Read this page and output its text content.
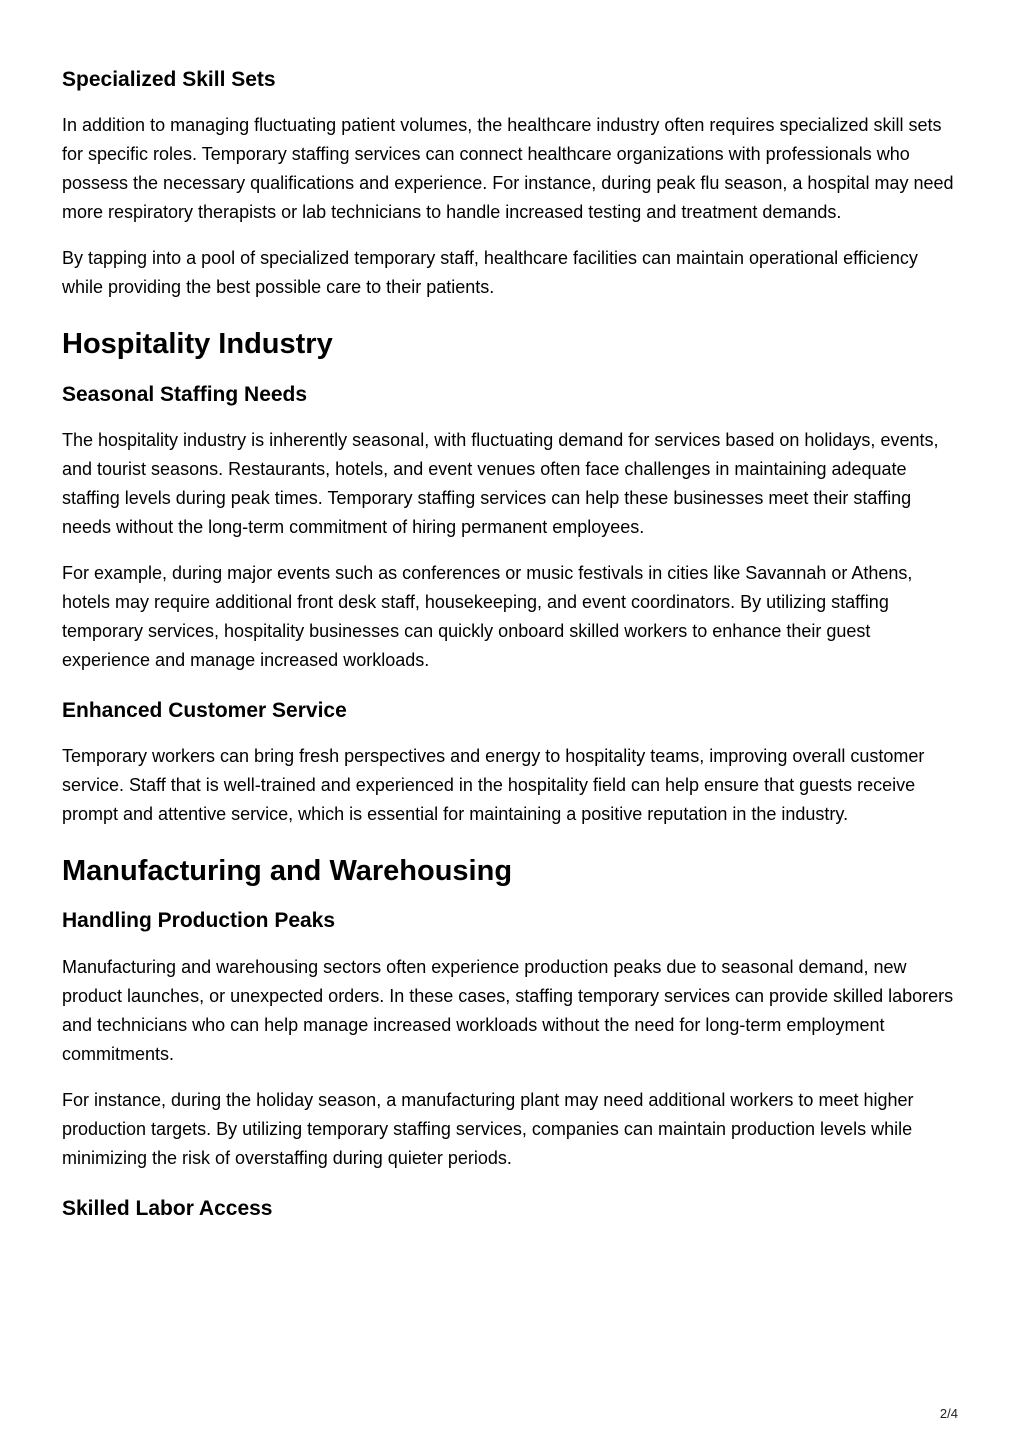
Specialized Skill Sets

In addition to managing fluctuating patient volumes, the healthcare industry often requires specialized skill sets for specific roles. Temporary staffing services can connect healthcare organizations with professionals who possess the necessary qualifications and experience. For instance, during peak flu season, a hospital may need more respiratory therapists or lab technicians to handle increased testing and treatment demands.

By tapping into a pool of specialized temporary staff, healthcare facilities can maintain operational efficiency while providing the best possible care to their patients.

Hospitality Industry
Seasonal Staffing Needs

The hospitality industry is inherently seasonal, with fluctuating demand for services based on holidays, events, and tourist seasons. Restaurants, hotels, and event venues often face challenges in maintaining adequate staffing levels during peak times. Temporary staffing services can help these businesses meet their staffing needs without the long-term commitment of hiring permanent employees.

For example, during major events such as conferences or music festivals in cities like Savannah or Athens, hotels may require additional front desk staff, housekeeping, and event coordinators. By utilizing staffing temporary services, hospitality businesses can quickly onboard skilled workers to enhance their guest experience and manage increased workloads.

Enhanced Customer Service

Temporary workers can bring fresh perspectives and energy to hospitality teams, improving overall customer service. Staff that is well-trained and experienced in the hospitality field can help ensure that guests receive prompt and attentive service, which is essential for maintaining a positive reputation in the industry.

Manufacturing and Warehousing
Handling Production Peaks

Manufacturing and warehousing sectors often experience production peaks due to seasonal demand, new product launches, or unexpected orders. In these cases, staffing temporary services can provide skilled laborers and technicians who can help manage increased workloads without the need for long-term employment commitments.

For instance, during the holiday season, a manufacturing plant may need additional workers to meet higher production targets. By utilizing temporary staffing services, companies can maintain production levels while minimizing the risk of overstaffing during quieter periods.

Skilled Labor Access
2/4
